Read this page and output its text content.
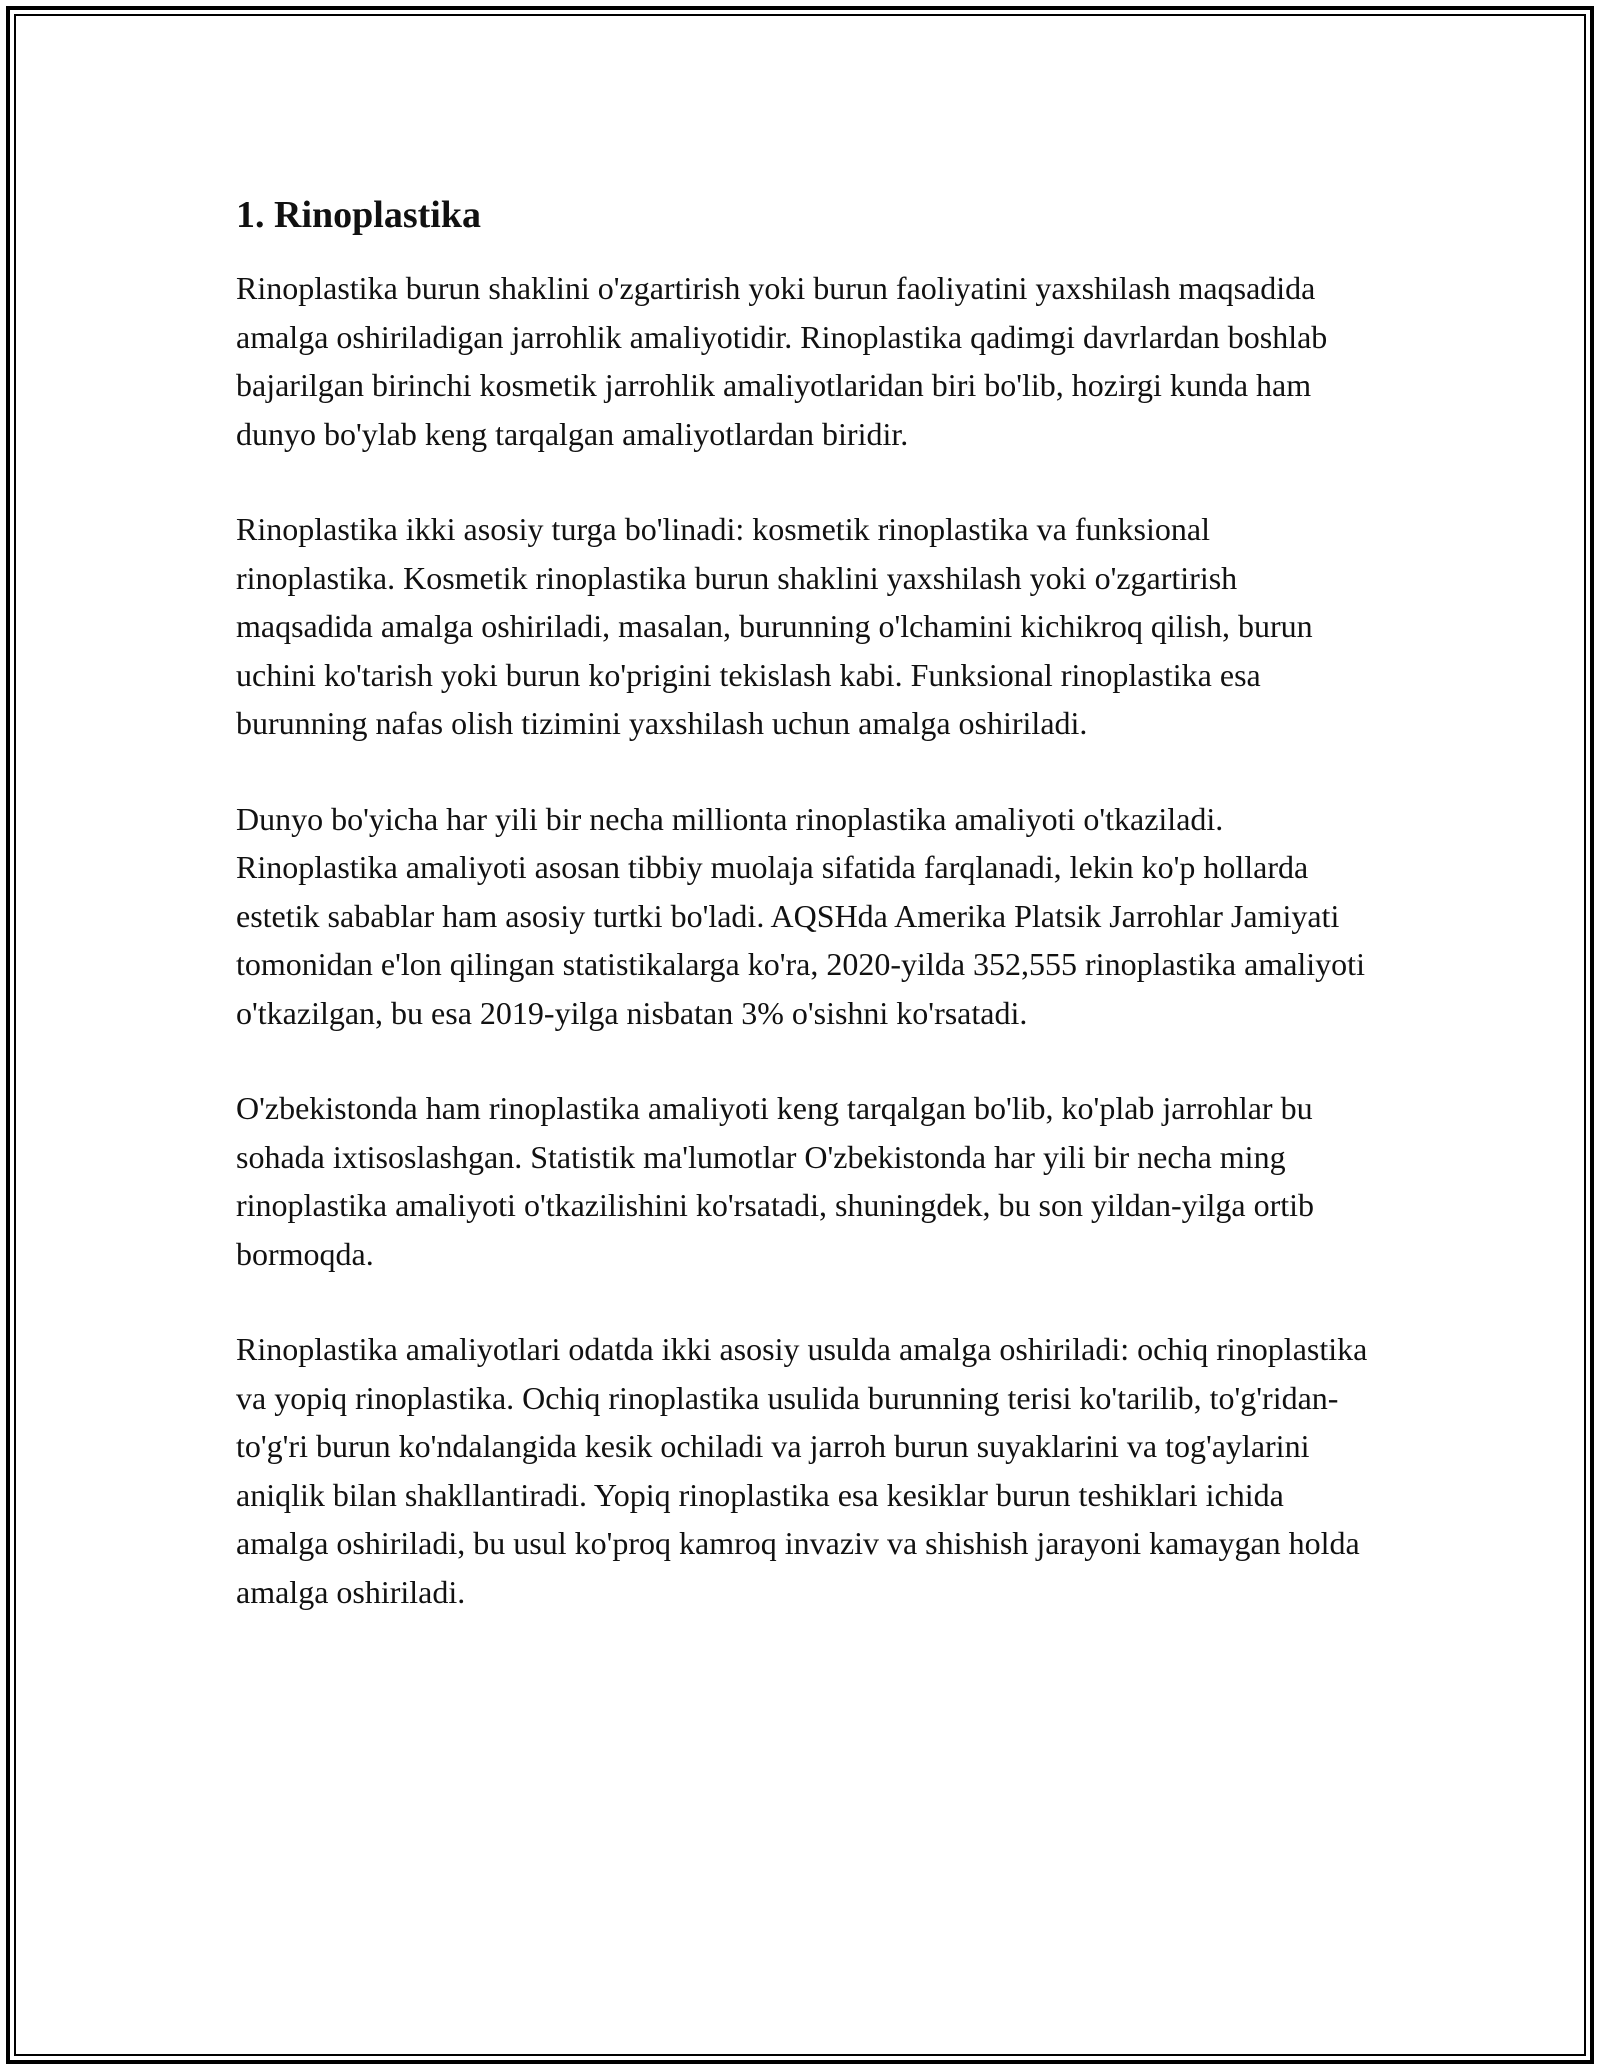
1. Rinoplastika

Rinoplastika burun shaklini o'zgartirish yoki burun faoliyatini yaxshilash maqsadida amalga oshiriladigan jarrohlik amaliyotidir. Rinoplastika qadimgi davrlardan boshlab bajarilgan birinchi kosmetik jarrohlik amaliyotlaridan biri bo'lib, hozirgi kunda ham dunyo bo'ylab keng tarqalgan amaliyotlardan biridir.

Rinoplastika ikki asosiy turga bo'linadi: kosmetik rinoplastika va funksional rinoplastika. Kosmetik rinoplastika burun shaklini yaxshilash yoki o'zgartirish maqsadida amalga oshiriladi, masalan, burunning o'lchamini kichikroq qilish, burun uchini ko'tarish yoki burun ko'prigini tekislash kabi. Funksional rinoplastika esa burunning nafas olish tizimini yaxshilash uchun amalga oshiriladi.

Dunyo bo'yicha har yili bir necha millionta rinoplastika amaliyoti o'tkaziladi. Rinoplastika amaliyoti asosan tibbiy muolaja sifatida farqlanadi, lekin ko'p hollarda estetik sabablar ham asosiy turtki bo'ladi. AQSHda Amerika Platsik Jarrohlar Jamiyati tomonidan e'lon qilingan statistikalarga ko'ra, 2020-yilda 352,555 rinoplastika amaliyoti o'tkazilgan, bu esa 2019-yilga nisbatan 3% o'sishni ko'rsatadi.

O'zbekistonda ham rinoplastika amaliyoti keng tarqalgan bo'lib, ko'plab jarrohlar bu sohada ixtisoslashgan. Statistik ma'lumotlar O'zbekistonda har yili bir necha ming rinoplastika amaliyoti o'tkazilishini ko'rsatadi, shuningdek, bu son yildan-yilga ortib bormoqda.

Rinoplastika amaliyotlari odatda ikki asosiy usulda amalga oshiriladi: ochiq rinoplastika va yopiq rinoplastika. Ochiq rinoplastika usulida burunning terisi ko'tarilib, to'g'ridan-to'g'ri burun ko'ndalangida kesik ochiladi va jarroh burun suyaklarini va tog'aylarini aniqlik bilan shakllantiradi. Yopiq rinoplastika esa kesiklar burun teshiklari ichida amalga oshiriladi, bu usul ko'proq kamroq invaziv va shishish jarayoni kamaygan holda amalga oshiriladi.
